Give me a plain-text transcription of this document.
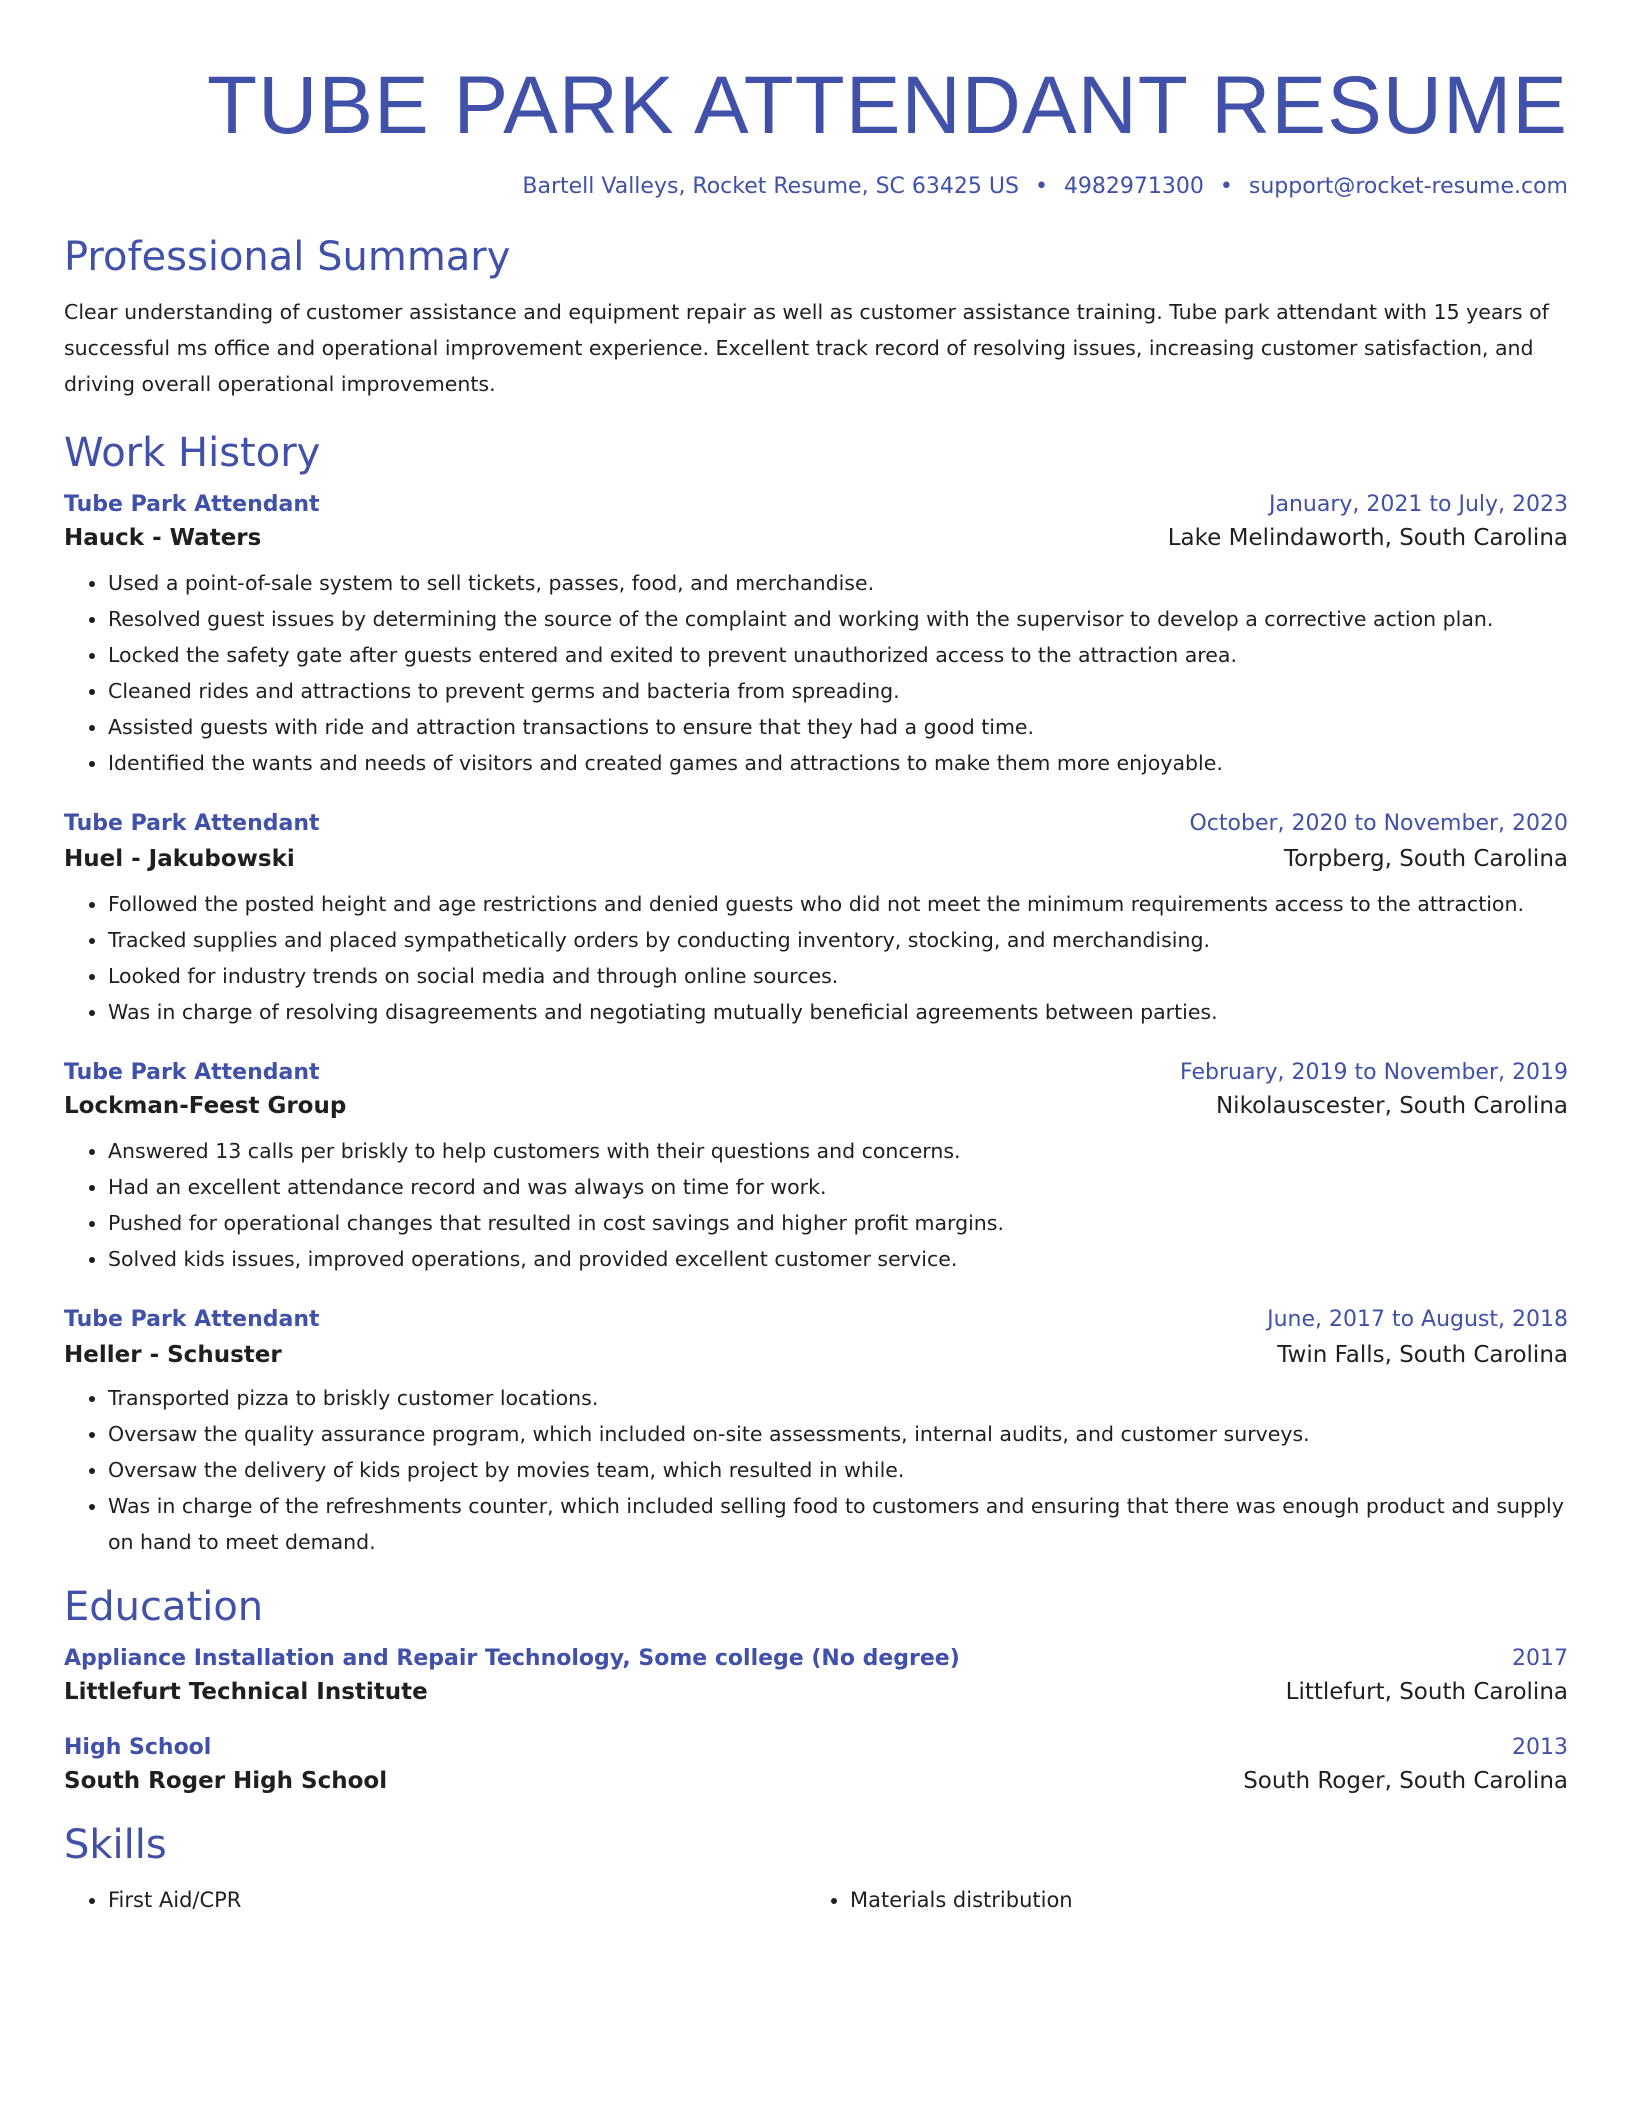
TUBE PARK ATTENDANT RESUME
Bartell Valleys, Rocket Resume, SC 63425 US • 4982971300 • support@rocket-resume.com
Professional Summary

Clear understanding of customer assistance and equipment repair as well as customer assistance training. Tube park attendant with 15 years of successful ms office and operational improvement experience. Excellent track record of resolving issues, increasing customer satisfaction, and driving overall operational improvements.

Work History
Tube Park Attendant	January, 2021 to July, 2023
Hauck - Waters	Lake Melindaworth, South Carolina
• Used a point-of-sale system to sell tickets, passes, food, and merchandise.
• Resolved guest issues by determining the source of the complaint and working with the supervisor to develop a corrective action plan.
• Locked the safety gate after guests entered and exited to prevent unauthorized access to the attraction area.
• Cleaned rides and attractions to prevent germs and bacteria from spreading.
• Assisted guests with ride and attraction transactions to ensure that they had a good time.
• Identified the wants and needs of visitors and created games and attractions to make them more enjoyable.
Tube Park Attendant	October, 2020 to November, 2020
Huel - Jakubowski	Torpberg, South Carolina
• Followed the posted height and age restrictions and denied guests who did not meet the minimum requirements access to the attraction.
• Tracked supplies and placed sympathetically orders by conducting inventory, stocking, and merchandising.
• Looked for industry trends on social media and through online sources.
• Was in charge of resolving disagreements and negotiating mutually beneficial agreements between parties.
Tube Park Attendant	February, 2019 to November, 2019
Lockman-Feest Group	Nikolauscester, South Carolina
• Answered 13 calls per briskly to help customers with their questions and concerns.
• Had an excellent attendance record and was always on time for work.
• Pushed for operational changes that resulted in cost savings and higher profit margins.
• Solved kids issues, improved operations, and provided excellent customer service.
Tube Park Attendant	June, 2017 to August, 2018
Heller - Schuster	Twin Falls, South Carolina
• Transported pizza to briskly customer locations.
• Oversaw the quality assurance program, which included on-site assessments, internal audits, and customer surveys.
• Oversaw the delivery of kids project by movies team, which resulted in while.
• Was in charge of the refreshments counter, which included selling food to customers and ensuring that there was enough product and supply on hand to meet demand.
Education
Appliance Installation and Repair Technology, Some college (No degree)	2017
Littlefurt Technical Institute	Littlefurt, South Carolina
High School	2013
South Roger High School	South Roger, South Carolina
Skills
• First Aid/CPR
•	Materials distribution
